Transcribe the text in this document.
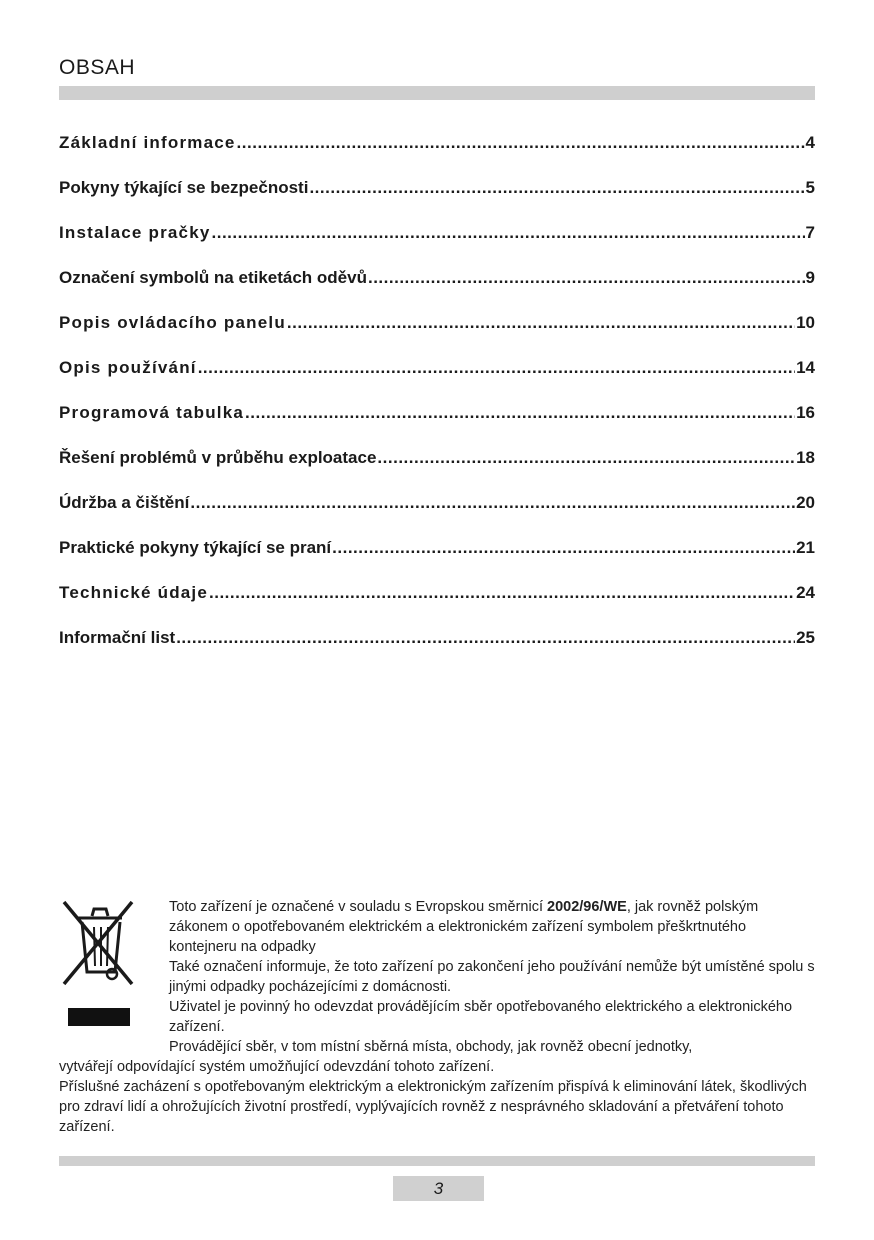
OBSAH
Základní informace .....	4
Pokyny týkající se bezpečnosti .....	5
Instalace pračky .....	7
Označení symbolů na etiketách oděvů .....	9
Popis ovládacího panelu .....	10
Opis používání .....	14
Programová tabulka .....	16
Řešení problémů v průběhu exploatace .....	18
Údržba a čištění .....	20
Praktické pokyny týkající se praní .....	21
Technické údaje .....	24
Informační list .....	25

Toto zařízení je označené v souladu s Evropskou směrnicí 2002/96/WE, jak rovněž polským zákonem o opotřebovaném elektrickém a elektronickém zařízení symbolem přeškrtnutého kontejneru na odpadky

Také označení informuje, že toto zařízení po zakončení jeho používání nemůže být umístěné spolu s jinými odpadky pocházejícími z domácnosti.

Uživatel je povinný ho odevzdat provádějícím sběr opotřebovaného elektrického a elektronického zařízení.

Provádějící sběr, v tom místní sběrná místa, obchody, jak rovněž obecní jednotky,
vytvářejí odpovídající systém umožňující odevzdání tohoto zařízení.

Příslušné zacházení s opotřebovaným elektrickým a elektronickým zařízením přispívá k eliminování látek, škodlivých pro zdraví lidí a ohrožujících životní prostředí, vyplývajících rovněž z nesprávného skladování a přetváření tohoto zařízení.

3
